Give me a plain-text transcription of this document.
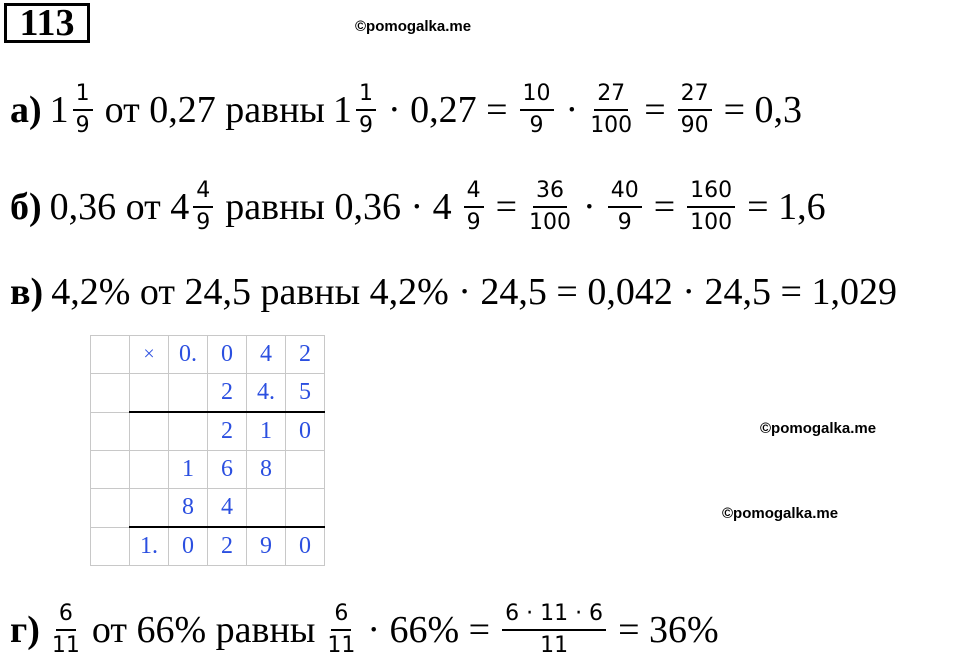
113	©pomogalka.me
©pomogalka.me
©pomogalka.me
а) $1 \frac{1}{9}$ от 0,27 равны $1 \frac{1}{9} \cdot 0,27 = \frac{10}{9} \cdot \frac{27}{100} = \frac{27}{90} = 0,3$
б) 0,36 от $4 \frac{4}{9}$ равны $0,36 \cdot 4 \frac{4}{9} = \frac{36}{100} \cdot \frac{40}{9} = \frac{160}{100} = 1,6$
в) 4,2% от 24,5 равны 4,2% · 24,5 = 0,042 · 24,5 = 1,029
	×	0.	0	4	2
			2	4.	5
			2	1	0
		1	6	8	
		8	4		
	1.	0	2	9	0
$г) \frac{6}{11}$ от 66% равны $\frac{6}{11} \cdot 66\% = \frac{6 \cdot 11 \cdot 6}{11} = 36\%$
